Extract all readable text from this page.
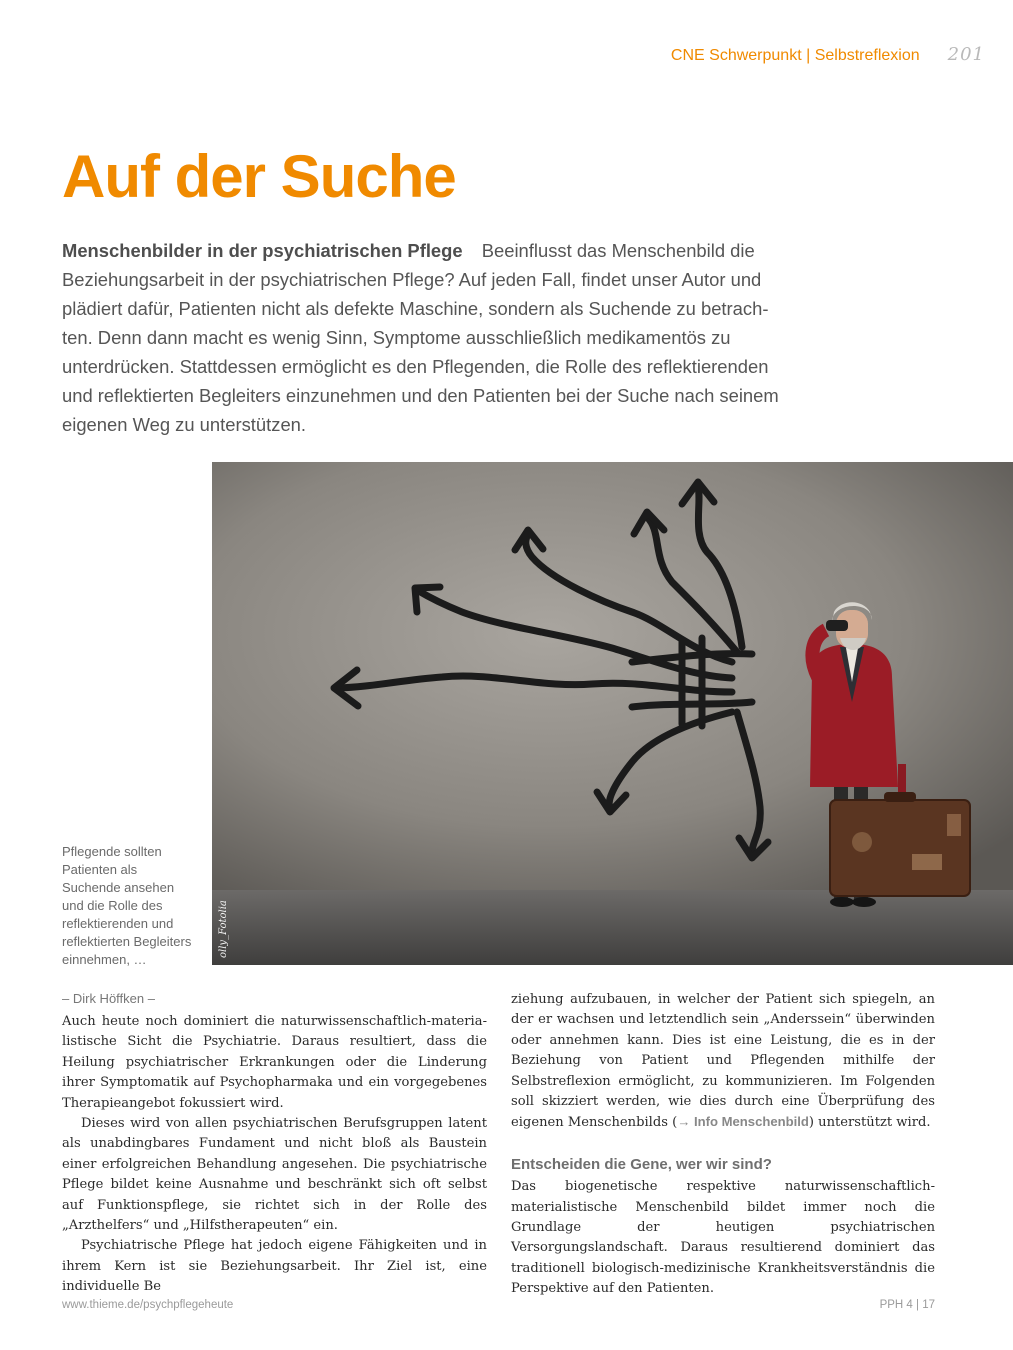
CNE Schwerpunkt | Selbstreflexion 201
Auf der Suche

Menschenbilder in der psychiatrischen Pflege Beeinflusst das Menschenbild die Beziehungsarbeit in der psychiatrischen Pflege? Auf jeden Fall, findet unser Autor und plädiert dafür, Patienten nicht als defekte Maschine, sondern als Suchende zu betrachten. Denn dann macht es wenig Sinn, Symptome ausschließlich medikamentös zu unterdrücken. Stattdessen ermöglicht es den Pflegenden, die Rolle des reflektierenden und reflektierten Begleiters einzunehmen und den Patienten bei der Suche nach seinem eigenen Weg zu unterstützen.

olly_Fotolia

Pflegende sollten Patienten als Suchende ansehen und die Rolle des reflektierenden und reflektierten Begleiters einnehmen, …

– Dirk Höffken –

Auch heute noch dominiert die naturwissenschaftlich-materialistische Sicht die Psychiatrie. Daraus resultiert, dass die Heilung psychiatrischer Erkrankungen oder die Linderung ihrer Symptomatik auf Psychopharmaka und ein vorgegebenes Therapieangebot fokussiert wird.

Dieses wird von allen psychiatrischen Berufsgruppen latent als unabdingbares Fundament und nicht bloß als Baustein einer erfolgreichen Behandlung angesehen. Die psychiatrische Pflege bildet keine Ausnahme und beschränkt sich oft selbst auf Funktionspflege, sie richtet sich in der Rolle des „Arzthelfers“ und „Hilfstherapeuten“ ein.

Psychiatrische Pflege hat jedoch eigene Fähigkeiten und in ihrem Kern ist sie Beziehungsarbeit. Ihr Ziel ist, eine individuelle Be

ziehung aufzubauen, in welcher der Patient sich spiegeln, an der er wachsen und letztendlich sein „Anderssein“ überwinden oder annehmen kann. Dies ist eine Leistung, die es in der Beziehung von Patient und Pflegenden mithilfe der Selbstreflexion ermöglicht, zu kommunizieren. Im Folgenden soll skizziert werden, wie dies durch eine Überprüfung des eigenen Menschenbilds (→ Info Menschenbild) unterstützt wird.

Entscheiden die Gene, wer wir sind?

Das biogenetische respektive naturwissenschaftlich-materialistische Menschenbild bildet immer noch die Grundlage der heutigen psychiatrischen Versorgungslandschaft. Daraus resultierend dominiert das traditionell biologisch-medizinische Krankheitsverständnis die Perspektive auf den Patienten.

www.thieme.de/psychpflegeheute	PPH 4 | 17
